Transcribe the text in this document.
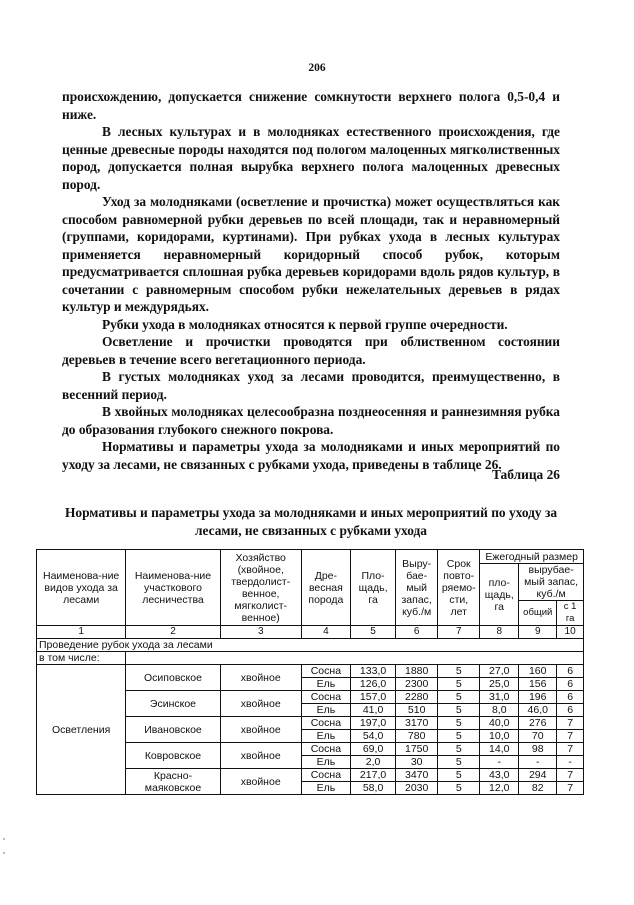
206

происхождению, допускается снижение сомкнутости верхнего полога 0,5-0,4 и ниже.

В лесных культурах и в молодняках естественного происхождения, где ценные древесные породы находятся под пологом малоценных мягколиственных пород, допускается полная вырубка верхнего полога малоценных древесных пород.

Уход за молодняками (осветление и прочистка) может осуществляться как способом равномерной рубки деревьев по всей площади, так и неравномерный (группами, коридорами, куртинами). При рубках ухода в лесных культурах применяется неравномерный коридорный способ рубок, которым предусматривается сплошная рубка деревьев коридорами вдоль рядов культур, в сочетании с равномерным способом рубки нежелательных деревьев в рядах культур и междурядьях.

Рубки ухода в молодняках относятся к первой группе очередности.

Осветление и прочистки проводятся при облиственном состоянии деревьев в течение всего вегетационного периода.

В густых молодняках уход за лесами проводится, преимущественно, в весенний период.

В хвойных молодняках целесообразна позднеосенняя и раннезимняя рубка до образования глубокого снежного покрова.

Нормативы и параметры ухода за молодняками и иных мероприятий по уходу за лесами, не связанных с рубками ухода, приведены в таблице 26.

Таблица 26
Нормативы и параметры ухода за молодняками и иных мероприятий по уходу за
лесами, не связанных с рубками ухода
Наименова-ние видов ухода за лесами	Наименова-ние участкового лесничества	Хозяйство (хвойное, твердолист-венное, мягколист-венное)	Дре-весная порода	Пло-щадь, га	Выру-бае-мый запас, куб./м	Срок повто-ряемо-сти, лет	Ежегодный размер		
							пло-щадь, га	вырубае-мый запас, куб./м	
								общий	с 1 га
1	2	3	4	5	6	7	8	9	10
Проведение рубок ухода за лесами									
в том числе:									
Осветления	Осиповское	хвойное	Сосна	133,0	1880	5	27,0	160	6
			Ель	126,0	2300	5	25,0	156	6
	Эсинское	хвойное	Сосна	157,0	2280	5	31,0	196	6
			Ель	41,0	510	5	8,0	46,0	6
	Ивановское	хвойное	Сосна	197,0	3170	5	40,0	276	7
			Ель	54,0	780	5	10,0	70	7
	Ковровское	хвойное	Сосна	69,0	1750	5	14,0	98	7
			Ель	2,0	30	5	-	-	-
	Красно-маяковское	хвойное	Сосна	217,0	3470	5	43,0	294	7
			Ель	58,0	2030	5	12,0	82	7
